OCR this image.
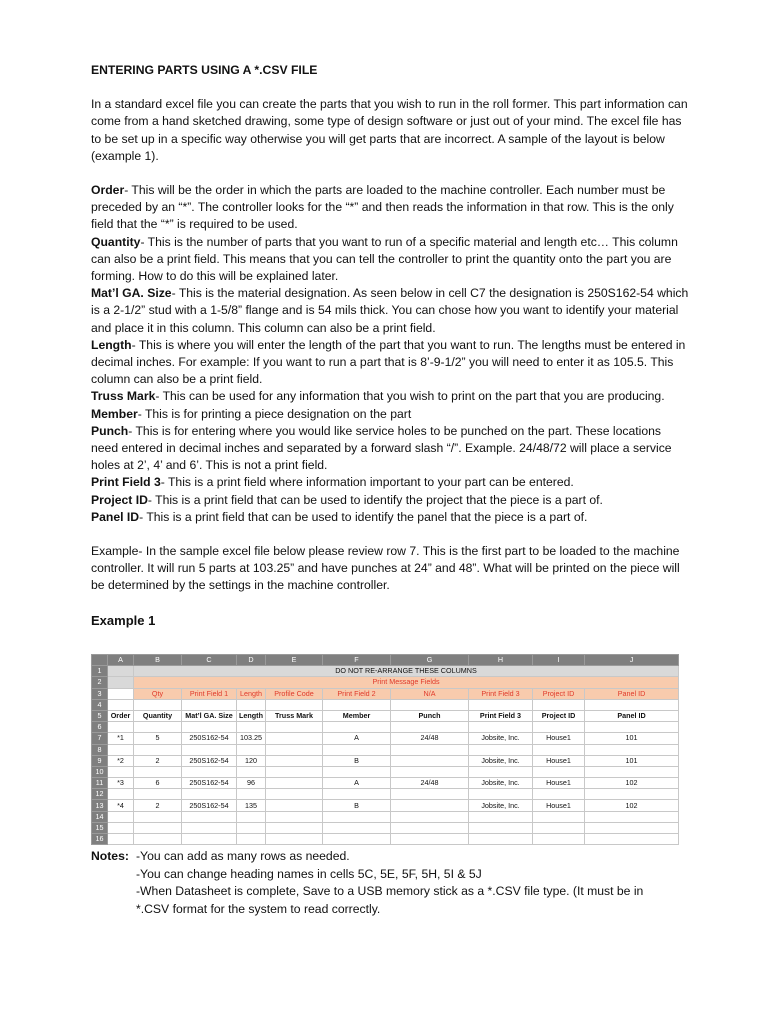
ENTERING PARTS USING A *.CSV FILE
In a standard excel file you can create the parts that you wish to run in the roll former. This part information can come from a hand sketched drawing, some type of design software or just out of your mind. The excel file has to be set up in a specific way otherwise you will get parts that are incorrect. A sample of the layout is below (example 1).
Order- This will be the order in which the parts are loaded to the machine controller. Each number must be preceded by an “*”. The controller looks for the “*” and then reads the information in that row. This is the only field that the “*” is required to be used.
Quantity- This is the number of parts that you want to run of a specific material and length etc… This column can also be a print field. This means that you can tell the controller to print the quantity onto the part you are forming. How to do this will be explained later.
Mat’l GA. Size- This is the material designation. As seen below in cell C7 the designation is 250S162-54 which is a 2-1/2” stud with a 1-5/8” flange and is 54 mils thick. You can chose how you want to identify your material and place it in this column. This column can also be a print field.
Length- This is where you will enter the length of the part that you want to run. The lengths must be entered in decimal inches. For example: If you want to run a part that is 8’-9-1/2” you will need to enter it as 105.5. This column can also be a print field.
Truss Mark- This can be used for any information that you wish to print on the part that you are producing.
Member- This is for printing a piece designation on the part
Punch- This is for entering where you would like service holes to be punched on the part. These locations need entered in decimal inches and separated by a forward slash “/”. Example. 24/48/72 will place a service holes at 2’, 4’ and 6’. This is not a print field.
Print Field 3- This is a print field where information important to your part can be entered.
Project ID- This is a print field that can be used to identify the project that the piece is a part of.
Panel ID- This is a print field that can be used to identify the panel that the piece is a part of.
Example- In the sample excel file below please review row 7. This is the first part to be loaded to the machine controller. It will run 5 parts at 103.25” and have punches at 24” and 48”. What will be printed on the piece will be determined by the settings in the machine controller.
Example 1
	A	B	C	D	E	F	G	H	I	J
1		DO NOT RE-ARRANGE THESE COLUMNS								
2		Print Message Fields								
3		Qty	Print Field 1	Length	Profile Code	Print Field 2	N/A	Print Field 3	Project ID	Panel ID
4										
5	Order	Quantity	Mat’l GA. Size	Length	Truss Mark	Member	Punch	Print Field 3	Project ID	Panel ID
6										
7	*1	5	250S162-54	103.25		A	24/48	Jobsite, Inc.	House1	101
8										
9	*2	2	250S162-54	120		B		Jobsite, Inc.	House1	101
10										
11	*3	6	250S162-54	96		A	24/48	Jobsite, Inc.	House1	102
12										
13	*4	2	250S162-54	135		B		Jobsite, Inc.	House1	102
14										
15										
16										
Notes: -You can add as many rows as needed.
-You can change heading names in cells 5C, 5E, 5F, 5H, 5I & 5J
-When Datasheet is complete, Save to a USB memory stick as a *.CSV file type. (It must be in
*.CSV format for the system to read correctly.
